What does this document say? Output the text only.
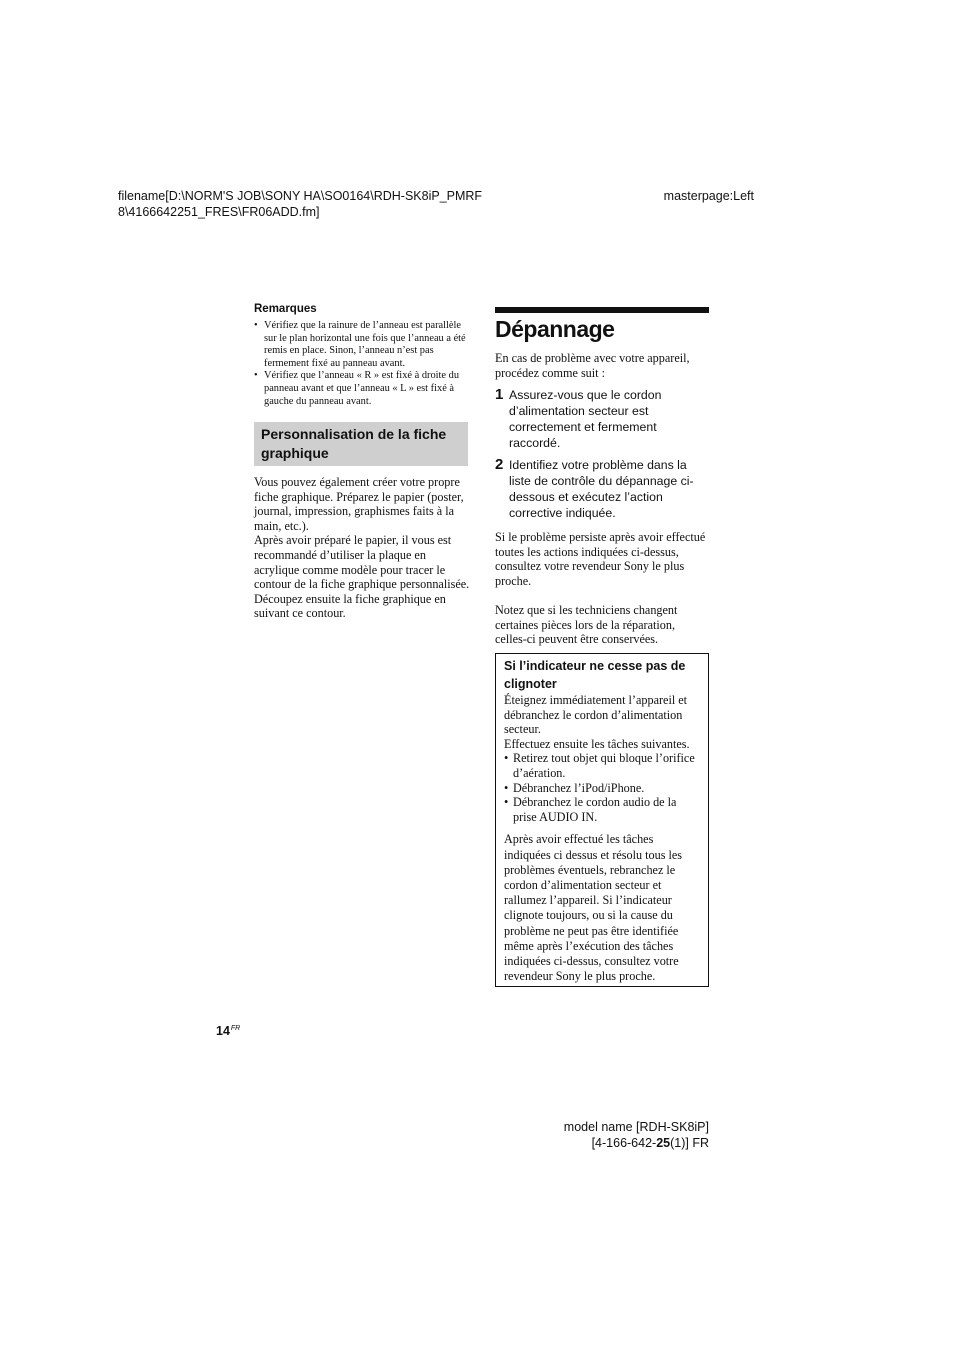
filename[D:\NORM'S JOB\SONY HA\SO0164\RDH-SK8iP_PMRF
8\4166642251_FRES\FR06ADD.fm]
masterpage:Left
Remarques
• Vérifiez que la rainure de l’anneau est parallèle sur le plan horizontal une fois que l’anneau a été remis en place. Sinon, l’anneau n’est pas fermement fixé au panneau avant.
• Vérifiez que l’anneau « R » est fixé à droite du panneau avant et que l’anneau « L » est fixé à gauche du panneau avant.
Personnalisation de la fiche graphique
Vous pouvez également créer votre propre fiche graphique. Préparez le papier (poster, journal, impression, graphismes faits à la main, etc.).
Après avoir préparé le papier, il vous est recommandé d’utiliser la plaque en acrylique comme modèle pour tracer le contour de la fiche graphique personnalisée. Découpez ensuite la fiche graphique en suivant ce contour.
Dépannage
En cas de problème avec votre appareil, procédez comme suit :
1 Assurez-vous que le cordon d’alimentation secteur est correctement et fermement raccordé.
2 Identifiez votre problème dans la liste de contrôle du dépannage ci-dessous et exécutez l’action corrective indiquée.
Si le problème persiste après avoir effectué toutes les actions indiquées ci-dessus, consultez votre revendeur Sony le plus proche.
Notez que si les techniciens changent certaines pièces lors de la réparation, celles-ci peuvent être conservées.
Si l’indicateur ne cesse pas de clignoter
Éteignez immédiatement l’appareil et débranchez le cordon d’alimentation secteur.
Effectuez ensuite les tâches suivantes.
• Retirez tout objet qui bloque l’orifice d’aération.
• Débranchez l’iPod/iPhone.
• Débranchez le cordon audio de la prise AUDIO IN.
Après avoir effectué les tâches indiquées ci dessus et résolu tous les problèmes éventuels, rebranchez le cordon d’alimentation secteur et rallumez l’appareil. Si l’indicateur clignote toujours, ou si la cause du problème ne peut pas être identifiée même après l’exécution des tâches indiquées ci-dessus, consultez votre revendeur Sony le plus proche.
$14^{FR}$
model name [RDH-SK8iP]
[4-166-642-25(1)] FR
